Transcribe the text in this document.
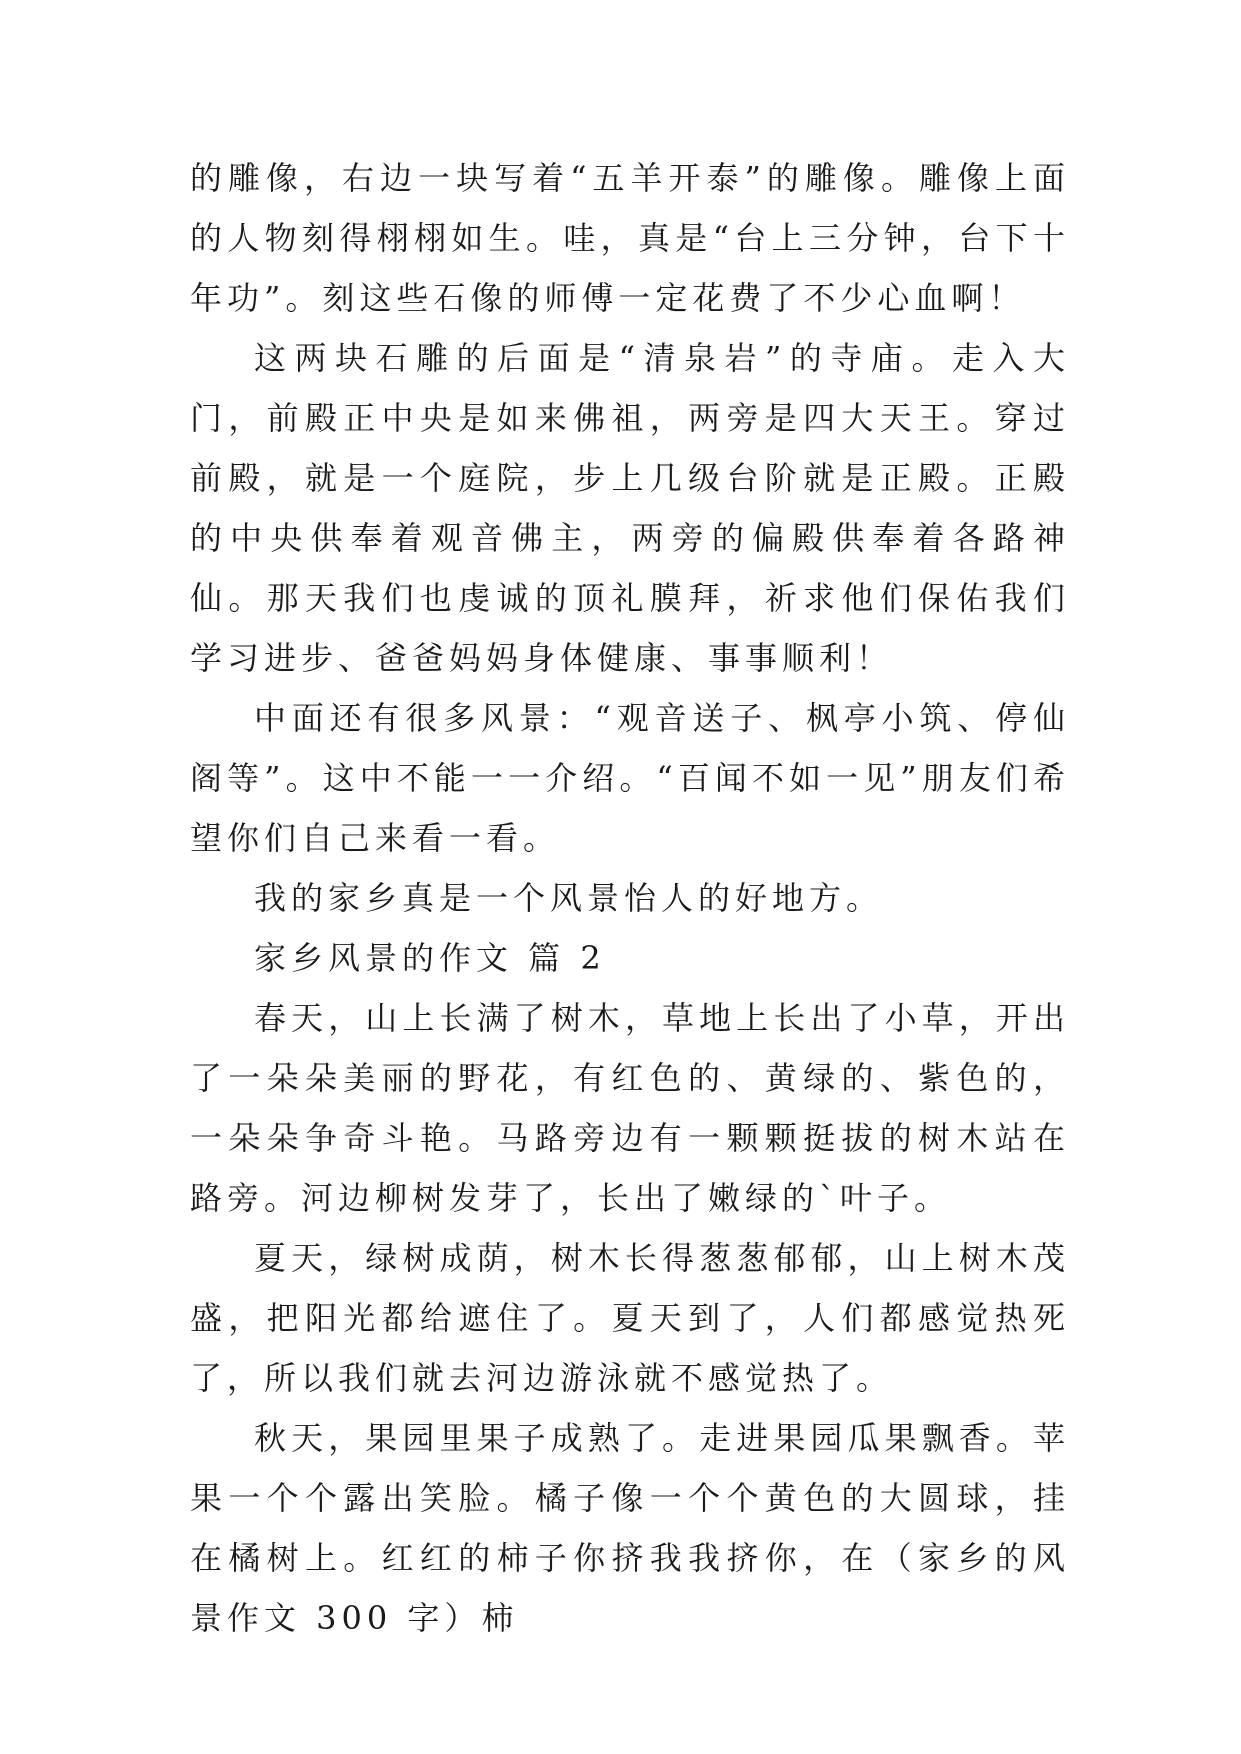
的雕像，右边一块写着“五羊开泰”的雕像。雕像上面的人物刻得栩栩如生。哇，真是“台上三分钟，台下十年功”。刻这些石像的师傅一定花费了不少心血啊！

这两块石雕的后面是“清泉岩”的寺庙。走入大门，前殿正中央是如来佛祖，两旁是四大天王。穿过前殿，就是一个庭院，步上几级台阶就是正殿。正殿的中央供奉着观音佛主，两旁的偏殿供奉着各路神仙。那天我们也虔诚的顶礼膜拜，祈求他们保佑我们学习进步、爸爸妈妈身体健康、事事顺利！

中面还有很多风景：“观音送子、枫亭小筑、停仙阁等”。这中不能一一介绍。“百闻不如一见”朋友们希望你们自己来看一看。

我的家乡真是一个风景怡人的好地方。

家乡风景的作文 篇 2

春天，山上长满了树木，草地上长出了小草，开出了一朵朵美丽的野花，有红色的、黄绿的、紫色的，一朵朵争奇斗艳。马路旁边有一颗颗挺拔的树木站在路旁。河边柳树发芽了，长出了嫩绿的`叶子。

夏天，绿树成荫，树木长得葱葱郁郁，山上树木茂盛，把阳光都给遮住了。夏天到了，人们都感觉热死了，所以我们就去河边游泳就不感觉热了。

秋天，果园里果子成熟了。走进果园瓜果飘香。苹果一个个露出笑脸。橘子像一个个黄色的大圆球，挂在橘树上。红红的柿子你挤我我挤你，在（家乡的风景作文 300 字）柿
